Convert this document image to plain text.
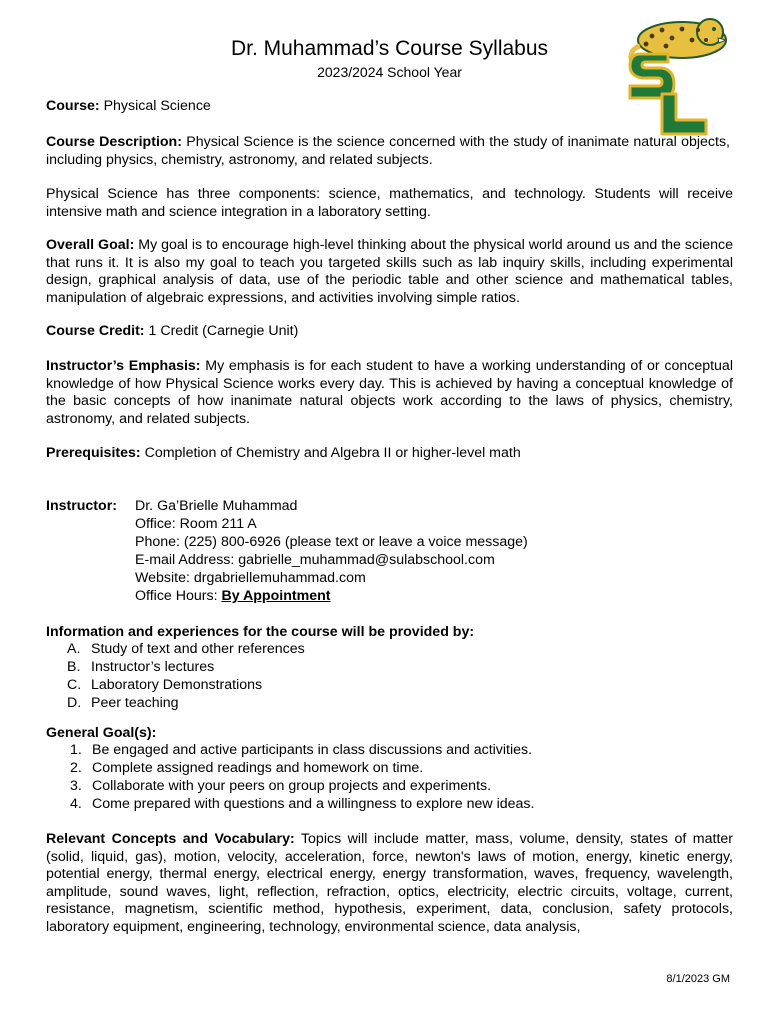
Dr. Muhammad’s Course Syllabus
2023/2024 School Year
SL
Course: Physical Science
Course Description: Physical Science is the science concerned with the study of inanimate natural objects, including physics, chemistry, astronomy, and related subjects.
Physical Science has three components: science, mathematics, and technology. Students will receive intensive math and science integration in a laboratory setting.
Overall Goal: My goal is to encourage high-level thinking about the physical world around us and the science that runs it. It is also my goal to teach you targeted skills such as lab inquiry skills, including experimental design, graphical analysis of data, use of the periodic table and other science and mathematical tables, manipulation of algebraic expressions, and activities involving simple ratios.
Course Credit: 1 Credit (Carnegie Unit)
Instructor’s Emphasis: My emphasis is for each student to have a working understanding of or conceptual knowledge of how Physical Science works every day. This is achieved by having a conceptual knowledge of the basic concepts of how inanimate natural objects work according to the laws of physics, chemistry, astronomy, and related subjects.
Prerequisites: Completion of Chemistry and Algebra II or higher-level math
Instructor: Dr. Ga’Brielle Muhammad
Office: Room 211 A
Phone: (225) 800-6926 (please text or leave a voice message)
E-mail Address: gabrielle_muhammad@sulabschool.com
Website: drgabriellemuhammad.com
Office Hours: By Appointment
Information and experiences for the course will be provided by:
A. Study of text and other references
B. Instructor’s lectures
C. Laboratory Demonstrations
D. Peer teaching
General Goal(s):
1. Be engaged and active participants in class discussions and activities.
2. Complete assigned readings and homework on time.
3. Collaborate with your peers on group projects and experiments.
4. Come prepared with questions and a willingness to explore new ideas.
Relevant Concepts and Vocabulary: Topics will include matter, mass, volume, density, states of matter (solid, liquid, gas), motion, velocity, acceleration, force, newton's laws of motion, energy, kinetic energy, potential energy, thermal energy, electrical energy, energy transformation, waves, frequency, wavelength, amplitude, sound waves, light, reflection, refraction, optics, electricity, electric circuits, voltage, current, resistance, magnetism, scientific method, hypothesis, experiment, data, conclusion, safety protocols, laboratory equipment, engineering, technology, environmental science, data analysis,
8/1/2023 GM
